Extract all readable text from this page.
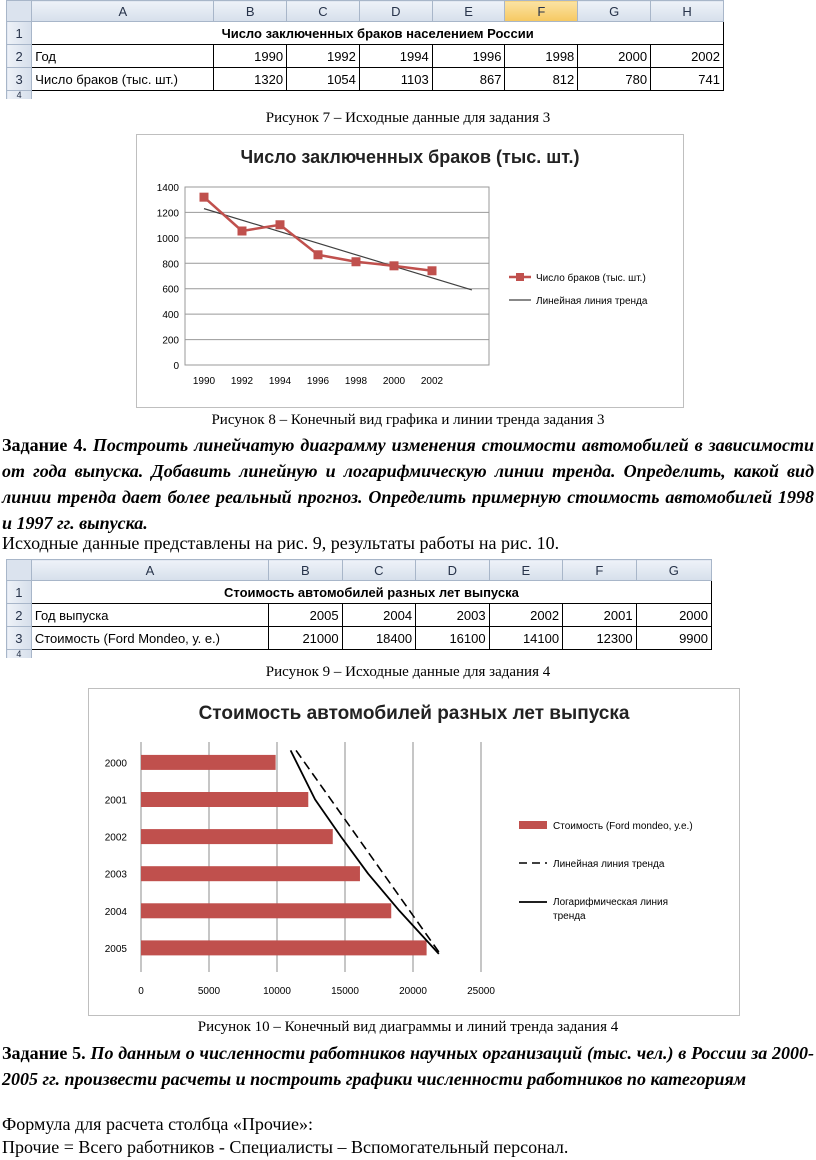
	A	B	C	D	E	F	G	H
1	Число заключенных браков населением России							
2	Год	1990	1992	1994	1996	1998	2000	2002
3	Число браков (тыс. шт.)	1320	1054	1103	867	812	780	741
4								
Рисунок 7 – Исходные данные для задания 3
Число заключенных браков (тыс. шт.)
0
200
400
600
800
1000
1200
1400
1990 1992 1994 1996 1998 2000 2002
Число браков (тыс. шт.)
Линейная линия тренда
Рисунок 8 – Конечный вид графика и линии тренда задания 3
Задание 4. Построить линейчатую диаграмму изменения стоимости автомобилей в зависимости от года выпуска. Добавить линейную и логарифмическую линии тренда. Определить, какой вид линии тренда дает более реальный прогноз. Определить примерную стоимость автомобилей 1998 и 1997 гг. выпуска.
Исходные данные представлены на рис. 9, результаты работы на рис. 10.
	A	B	C	D	E	F	G
1	Стоимость автомобилей разных лет выпуска						
2	Год выпуска	2005	2004	2003	2002	2001	2000
3	Стоимость (Ford Mondeo, у. е.)	21000	18400	16100	14100	12300	9900
4							
Рисунок 9 – Исходные данные для задания 4
Стоимость автомобилей разных лет выпуска
0	5000	10000	15000	20000	25000
2000
2001
2002
2003
2004
2005
Стоимость (Ford mondeo, у.е.)
Линейная линия тренда
Логарифмическая линия
тренда
Рисунок 10 – Конечный вид диаграммы и линий тренда задания 4
Задание 5. По данным о численности работников научных организаций (тыс. чел.) в России за 2000-2005 гг. произвести расчеты и построить графики численности работников по категориям
Формула для расчета столбца «Прочие»:
Прочие = Всего работников - Специалисты – Вспомогательный персонал.
